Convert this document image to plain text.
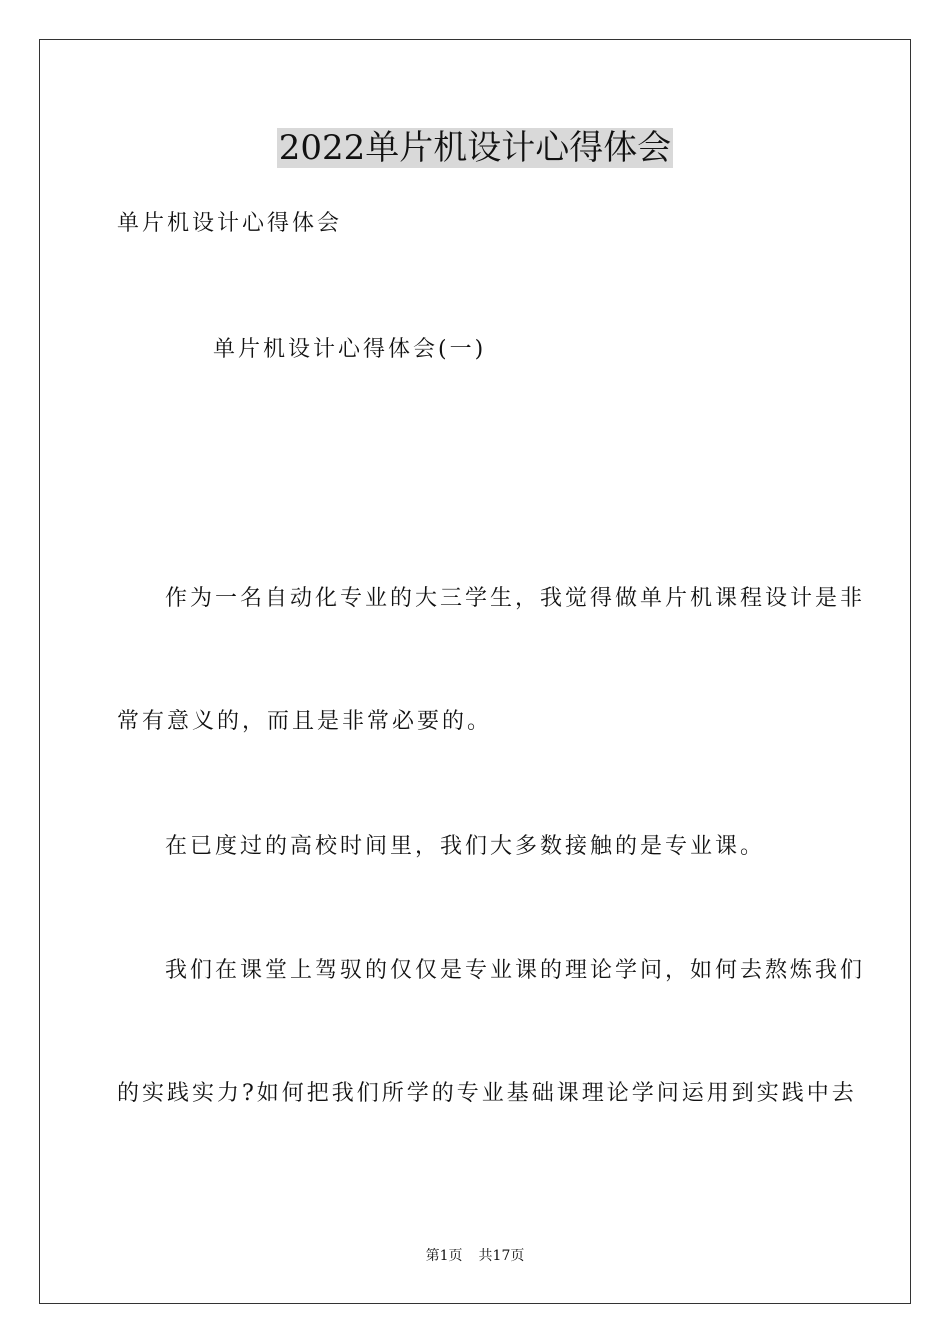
2022单片机设计心得体会

单片机设计心得体会

单片机设计心得体会(一)

作为一名自动化专业的大三学生，我觉得做单片机课程设计是非

常有意义的，而且是非常必要的。

在已度过的高校时间里，我们大多数接触的是专业课。

我们在课堂上驾驭的仅仅是专业课的理论学问，如何去熬炼我们

的实践实力?如何把我们所学的专业基础课理论学问运用到实践中去

第1页 共17页
